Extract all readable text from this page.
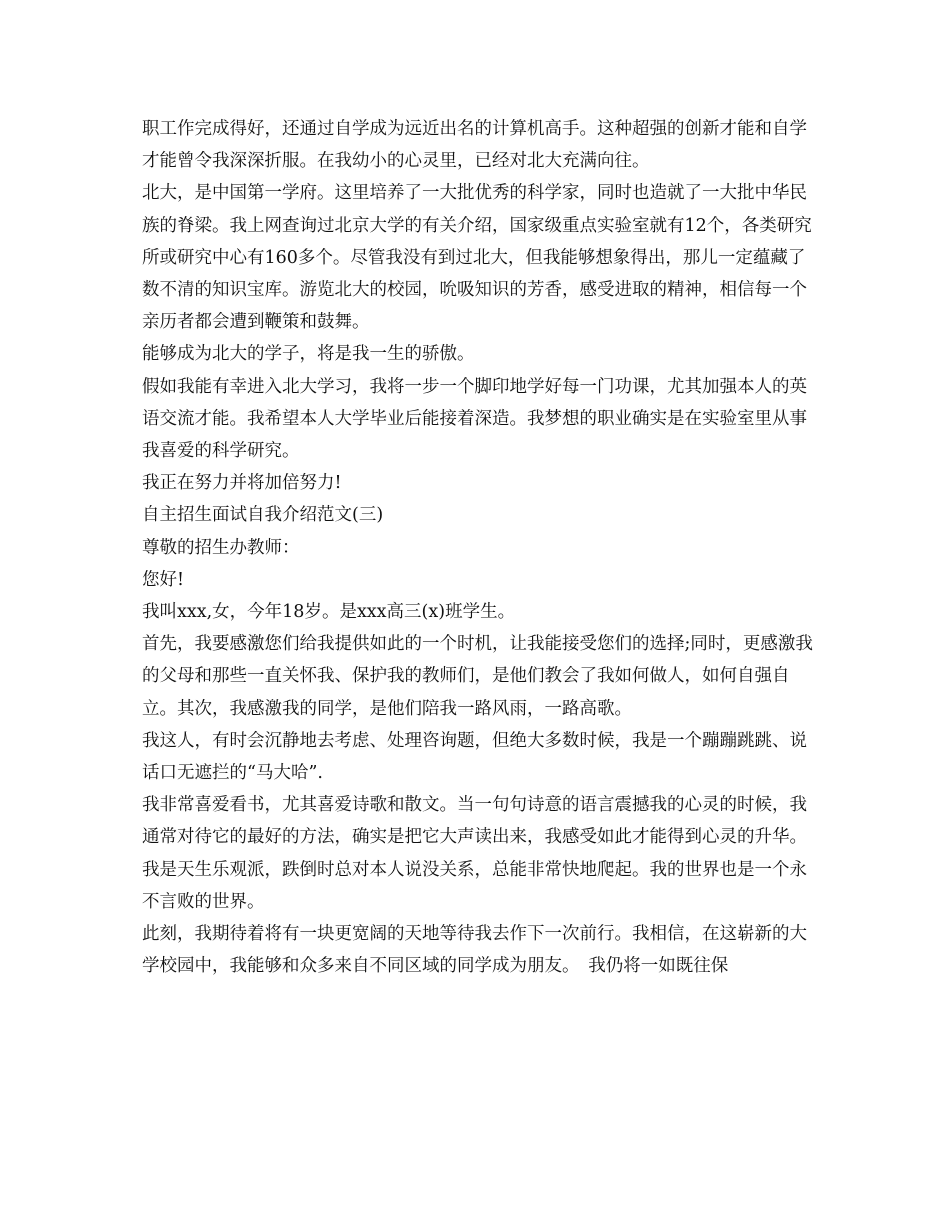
职工作完成得好，还通过自学成为远近出名的计算机高手。这种超强的创新才能和自学才能曾令我深深折服。在我幼小的心灵里，已经对北大充满向往。

北大，是中国第一学府。这里培养了一大批优秀的科学家，同时也造就了一大批中华民族的脊梁。我上网查询过北京大学的有关介绍，国家级重点实验室就有12个，各类研究所或研究中心有160多个。尽管我没有到过北大，但我能够想象得出，那儿一定蕴藏了数不清的知识宝库。游览北大的校园，吮吸知识的芳香，感受进取的精神，相信每一个亲历者都会遭到鞭策和鼓舞。

能够成为北大的学子，将是我一生的骄傲。

假如我能有幸进入北大学习，我将一步一个脚印地学好每一门功课，尤其加强本人的英语交流才能。我希望本人大学毕业后能接着深造。我梦想的职业确实是在实验室里从事我喜爱的科学研究。

我正在努力并将加倍努力!

自主招生面试自我介绍范文(三)

尊敬的招生办教师：

您好!

我叫xxx,女，今年18岁。是xxx高三(x)班学生。

首先，我要感激您们给我提供如此的一个时机，让我能接受您们的选择;同时，更感激我的父母和那些一直关怀我、保护我的教师们，是他们教会了我如何做人，如何自强自立。其次，我感激我的同学，是他们陪我一路风雨，一路高歌。

我这人，有时会沉静地去考虑、处理咨询题，但绝大多数时候，我是一个蹦蹦跳跳、说话口无遮拦的“马大哈”.

我非常喜爱看书，尤其喜爱诗歌和散文。当一句句诗意的语言震撼我的心灵的时候，我通常对待它的最好的方法，确实是把它大声读出来，我感受如此才能得到心灵的升华。

我是天生乐观派，跌倒时总对本人说没关系，总能非常快地爬起。我的世界也是一个永不言败的世界。

此刻，我期待着将有一块更宽阔的天地等待我去作下一次前行。我相信，在这崭新的大学校园中，我能够和众多来自不同区域的同学成为朋友。　我仍将一如既往保
